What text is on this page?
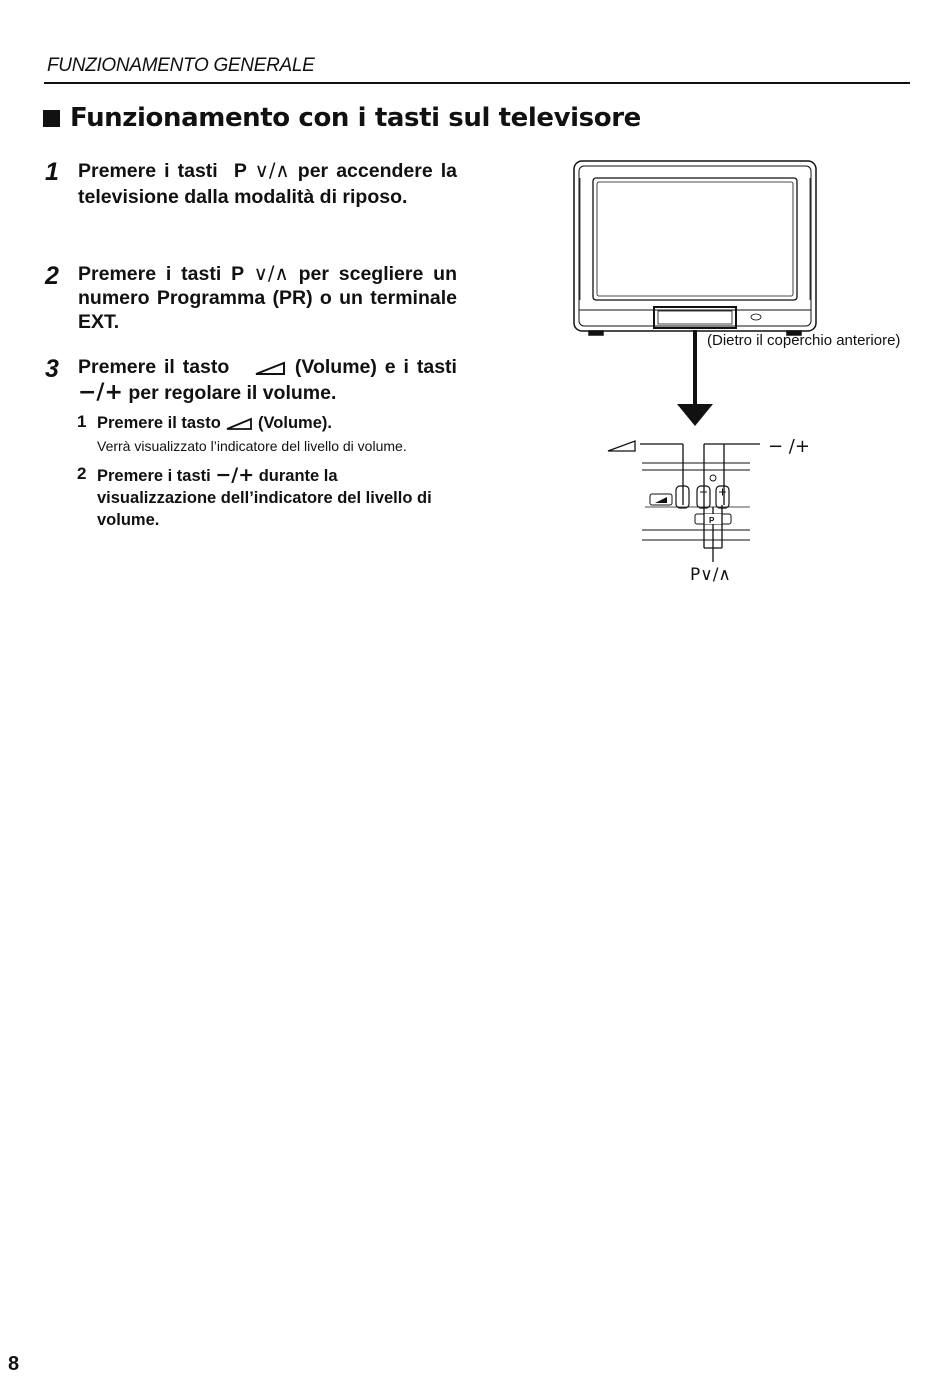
FUNZIONAMENTO GENERALE
Funzionamento con i tasti sul televisore
1 Premere i tasti P ∨/∧ per accendere la televisione dalla modalità di riposo.
2 Premere i tasti P ∨/∧ per scegliere un numero Programma (PR) o un terminale EXT.
3 Premere il tasto	(Volume) e i tasti −/+ per regolare il volume.
1 Premere il tasto (Volume).
Verrà visualizzato l’indicatore del livello di volume.
2 Premere i tasti −/+ durante la visualizzazione dell’indicatore del livello di volume.	P
(Dietro il coperchio anteriore)
− /+
P∨/∧
8
